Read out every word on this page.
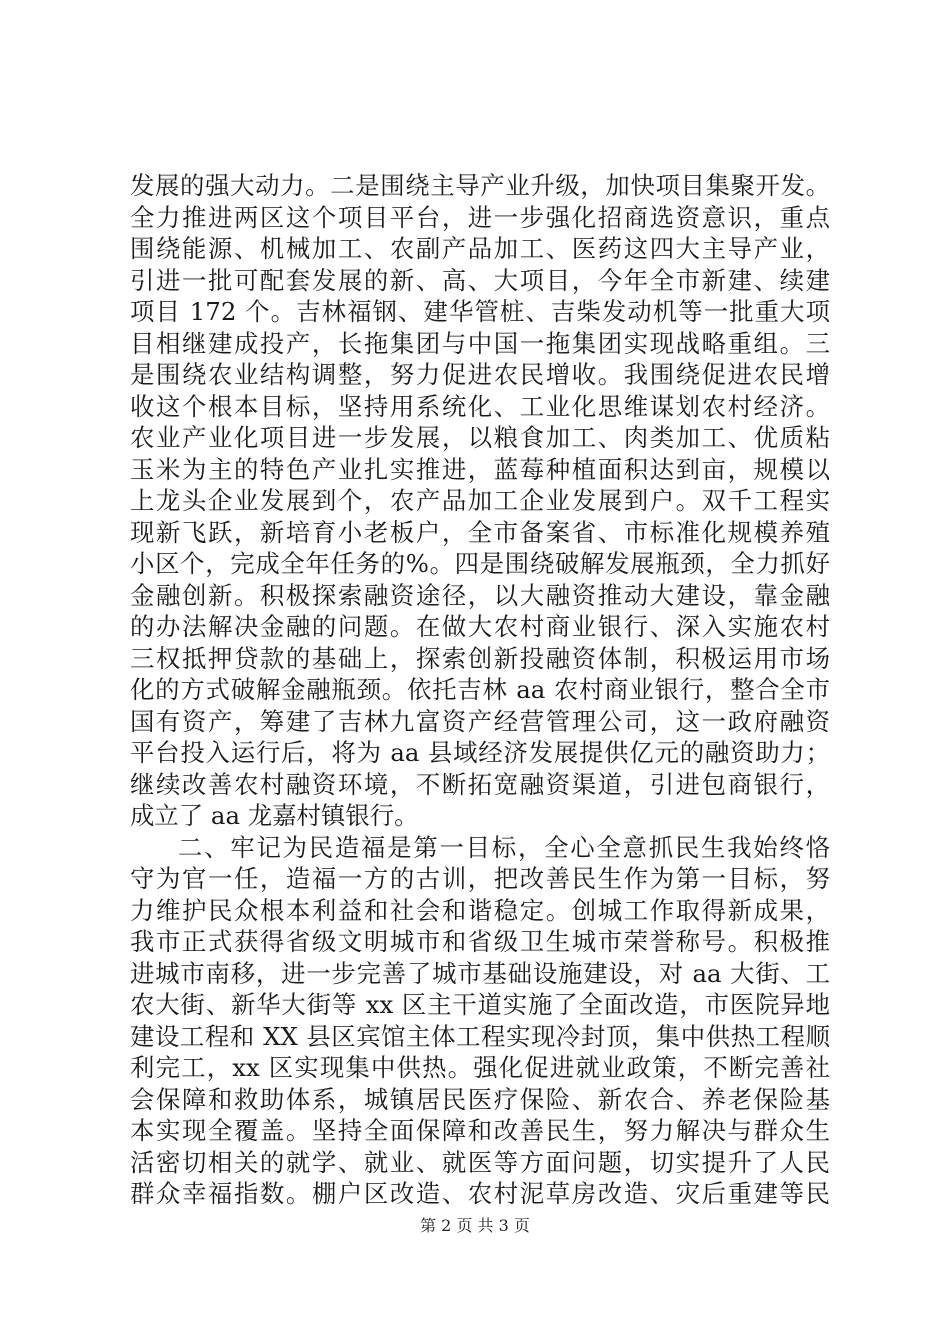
发展的强大动力。二是围绕主导产业升级，加快项目集聚开发。
全力推进两区这个项目平台，进一步强化招商选资意识，重点
围绕能源、机械加工、农副产品加工、医药这四大主导产业，
引进一批可配套发展的新、高、大项目，今年全市新建、续建
项目 172 个。吉林福钢、建华管桩、吉柴发动机等一批重大项
目相继建成投产，长拖集团与中国一拖集团实现战略重组。三
是围绕农业结构调整，努力促进农民增收。我围绕促进农民增
收这个根本目标，坚持用系统化、工业化思维谋划农村经济。
农业产业化项目进一步发展，以粮食加工、肉类加工、优质粘
玉米为主的特色产业扎实推进，蓝莓种植面积达到亩，规模以
上龙头企业发展到个，农产品加工企业发展到户。双千工程实
现新飞跃，新培育小老板户，全市备案省、市标准化规模养殖
小区个，完成全年任务的%。四是围绕破解发展瓶颈，全力抓好
金融创新。积极探索融资途径，以大融资推动大建设，靠金融
的办法解决金融的问题。在做大农村商业银行、深入实施农村
三权抵押贷款的基础上，探索创新投融资体制，积极运用市场
化的方式破解金融瓶颈。依托吉林 aa 农村商业银行，整合全市
国有资产，筹建了吉林九富资产经营管理公司，这一政府融资
平台投入运行后，将为 aa 县域经济发展提供亿元的融资助力；
继续改善农村融资环境，不断拓宽融资渠道，引进包商银行，
成立了 aa 龙嘉村镇银行。
二、牢记为民造福是第一目标，全心全意抓民生我始终恪
守为官一任，造福一方的古训，把改善民生作为第一目标，努
力维护民众根本利益和社会和谐稳定。创城工作取得新成果，
我市正式获得省级文明城市和省级卫生城市荣誉称号。积极推
进城市南移，进一步完善了城市基础设施建设，对 aa 大街、工
农大街、新华大街等 xx 区主干道实施了全面改造，市医院异地
建设工程和 XX 县区宾馆主体工程实现冷封顶，集中供热工程顺
利完工，xx 区实现集中供热。强化促进就业政策，不断完善社
会保障和救助体系，城镇居民医疗保险、新农合、养老保险基
本实现全覆盖。坚持全面保障和改善民生，努力解决与群众生
活密切相关的就学、就业、就医等方面问题，切实提升了人民
群众幸福指数。棚户区改造、农村泥草房改造、灾后重建等民
第 2 页 共 3 页
